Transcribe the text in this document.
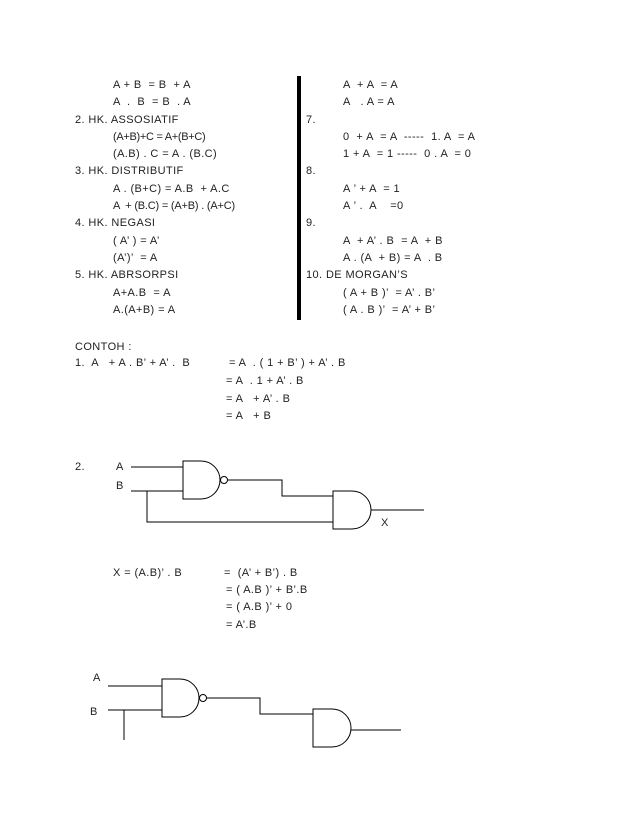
A + B  = B  + A
A  .  B  = B  . A
2. HK. ASSOSIATIF
(A+B)+C = A+(B+C)
(A.B) . C = A . (B.C)
3. HK. DISTRIBUTIF
A . (B+C) = A.B  + A.C
A  + (B.C) = (A+B) . (A+C)
4. HK. NEGASI
( A’ ) = A’
(A’)’  = A
5. HK. ABRSORPSI
A+A.B  = A
A.(A+B) = A
A  + A  = A
A   . A = A
7.
0  + A  = A  -----  1. A  = A
1 + A  = 1 -----  0 . A  = 0
8.
A ’ + A  = 1
A ’ .  A    =0
9.
A  + A’ . B  = A  + B
A . (A  + B) = A  . B
10. DE MORGAN’S
( A + B )’  = A’ . B’
( A . B )’  = A’ + B’
CONTOH :
1.  A   + A . B’ + A’ .  B	= A  . ( 1 + B’ ) + A’ . B
= A  . 1 + A’ . B
= A   + A’ . B
= A   + B
2.	A
B
X
X = (A.B)’ . B	=  (A’ + B’) . B
= ( A.B )’ + B’.B
= ( A.B )’ + 0
= A’.B
A
B
